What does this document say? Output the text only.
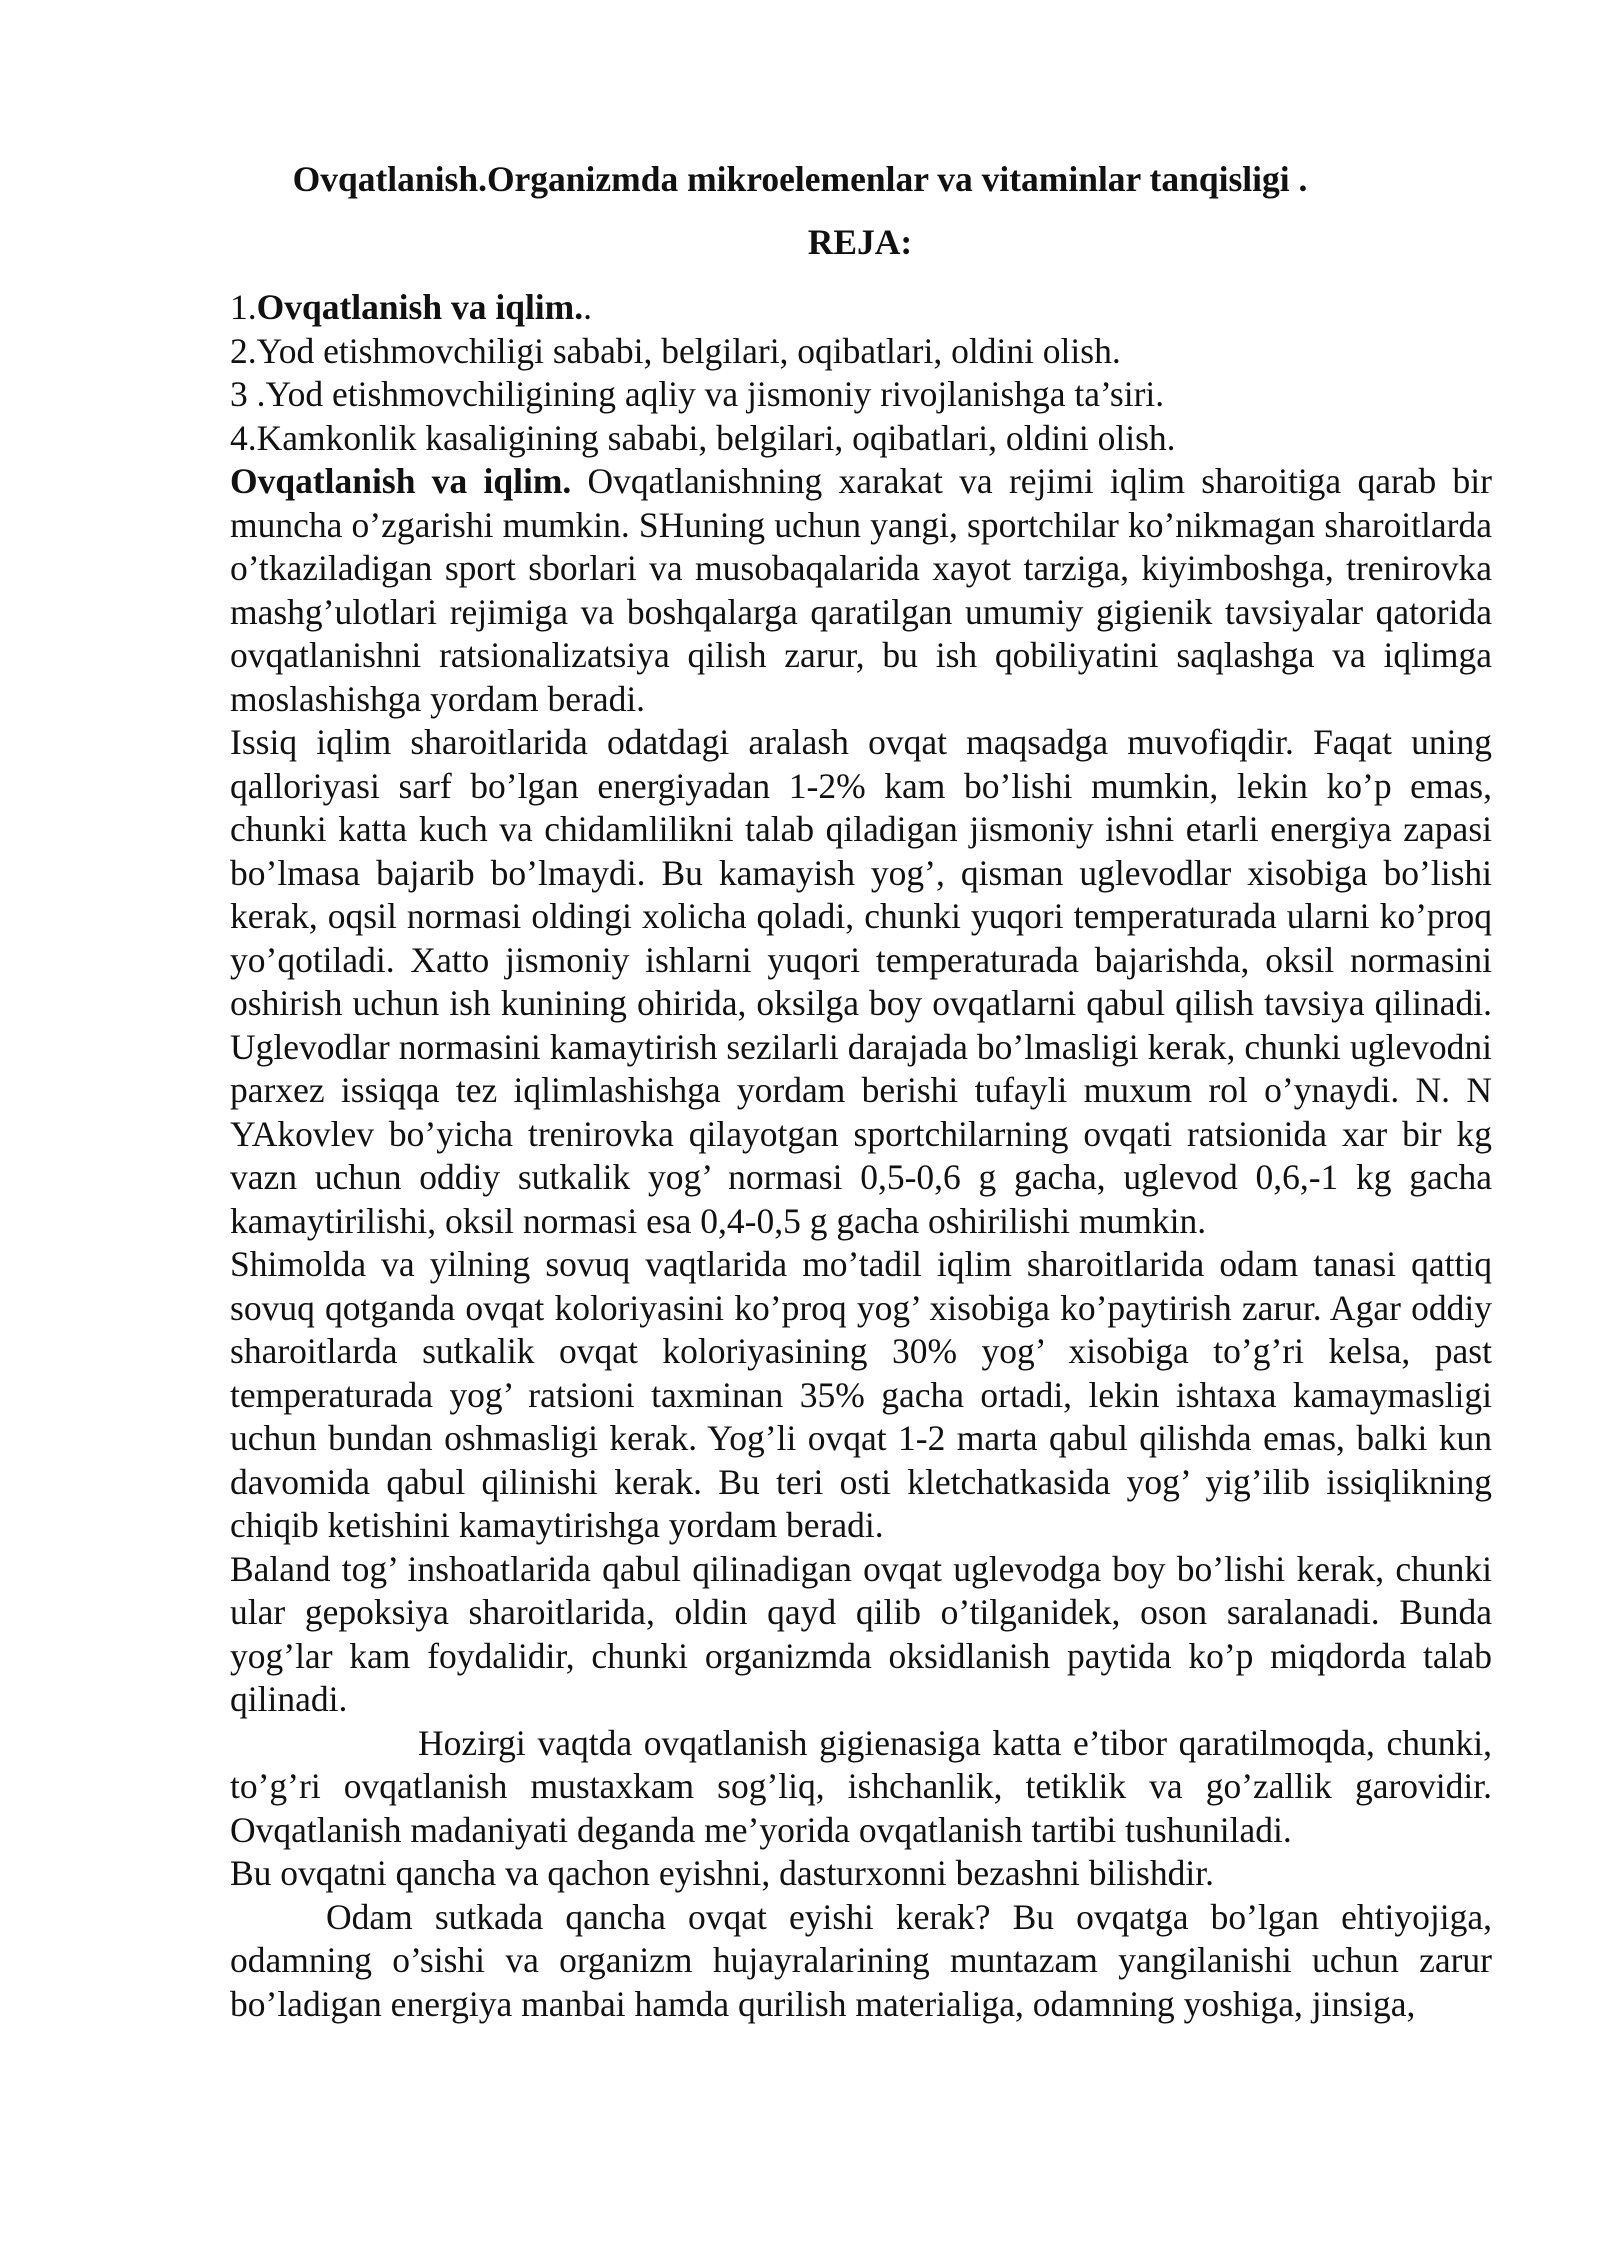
Ovqatlanish.Organizmda mikroelemenlar va vitaminlar tanqisligi .
REJA:

1.Ovqatlanish va iqlim..

2.Yod etishmovchiligi sababi, belgilari, oqibatlari, oldini olish.

3 .Yod etishmovchiligining aqliy va jismoniy rivojlanishga ta’siri.

4.Kamkonlik kasaligining sababi, belgilari, oqibatlari, oldini olish.

Ovqatlanish va iqlim. Ovqatlanishning xarakat va rejimi iqlim sharoitiga qarab bir muncha o’zgarishi mumkin. SHuning uchun yangi, sportchilar ko’nikmagan sharoitlarda o’tkaziladigan sport sborlari va musobaqalarida xayot tarziga, kiyimboshga, trenirovka mashg’ulotlari rejimiga va boshqalarga qaratilgan umumiy gigienik tavsiyalar qatorida ovqatlanishni ratsionalizatsiya qilish zarur, bu ish qobiliyatini saqlashga va iqlimga moslashishga yordam beradi.

Issiq iqlim sharoitlarida odatdagi aralash ovqat maqsadga muvofiqdir. Faqat uning qalloriyasi sarf bo’lgan energiyadan 1-2% kam bo’lishi mumkin, lekin ko’p emas, chunki katta kuch va chidamlilikni talab qiladigan jismoniy ishni etarli energiya zapasi bo’lmasa bajarib bo’lmaydi. Bu kamayish yog’, qisman uglevodlar xisobiga bo’lishi kerak, oqsil normasi oldingi xolicha qoladi, chunki yuqori temperaturada ularni ko’proq yo’qotiladi. Xatto jismoniy ishlarni yuqori temperaturada bajarishda, oksil normasini oshirish uchun ish kunining ohirida, oksilga boy ovqatlarni qabul qilish tavsiya qilinadi. Uglevodlar normasini kamaytirish sezilarli darajada bo’lmasligi kerak, chunki uglevodni parxez issiqqa tez iqlimlashishga yordam berishi tufayli muxum rol o’ynaydi. N. N YAkovlev bo’yicha trenirovka qilayotgan sportchilarning ovqati ratsionida xar bir kg vazn uchun oddiy sutkalik yog’ normasi 0,5-0,6 g gacha, uglevod 0,6,-1 kg gacha kamaytirilishi, oksil normasi esa 0,4-0,5 g gacha oshirilishi mumkin.

Shimolda va yilning sovuq vaqtlarida mo’tadil iqlim sharoitlarida odam tanasi qattiq sovuq qotganda ovqat koloriyasini ko’proq yog’ xisobiga ko’paytirish zarur. Agar oddiy sharoitlarda sutkalik ovqat koloriyasining 30% yog’ xisobiga to’g’ri kelsa, past temperaturada yog’ ratsioni taxminan 35% gacha ortadi, lekin ishtaxa kamaymasligi uchun bundan oshmasligi kerak. Yog’li ovqat 1-2 marta qabul qilishda emas, balki kun davomida qabul qilinishi kerak. Bu teri osti kletchatkasida yog’ yig’ilib issiqlikning chiqib ketishini kamaytirishga yordam beradi.

Baland tog’ inshoatlarida qabul qilinadigan ovqat uglevodga boy bo’lishi kerak, chunki ular gepoksiya sharoitlarida, oldin qayd qilib o’tilganidek, oson saralanadi. Bunda yog’lar kam foydalidir, chunki organizmda oksidlanish paytida ko’p miqdorda talab qilinadi.

Hozirgi vaqtda ovqatlanish gigienasiga katta e’tibor qaratilmoqda, chunki, to’g’ri ovqatlanish mustaxkam sog’liq, ishchanlik, tetiklik va go’zallik garovidir. Ovqatlanish madaniyati deganda me’yorida ovqatlanish tartibi tushuniladi.

Bu ovqatni qancha va qachon eyishni, dasturxonni bezashni bilishdir.

Odam sutkada qancha ovqat eyishi kerak? Bu ovqatga bo’lgan ehtiyojiga, odamning o’sishi va organizm hujayralarining muntazam yangilanishi uchun zarur bo’ladigan energiya manbai hamda qurilish materialiga, odamning yoshiga, jinsiga,
